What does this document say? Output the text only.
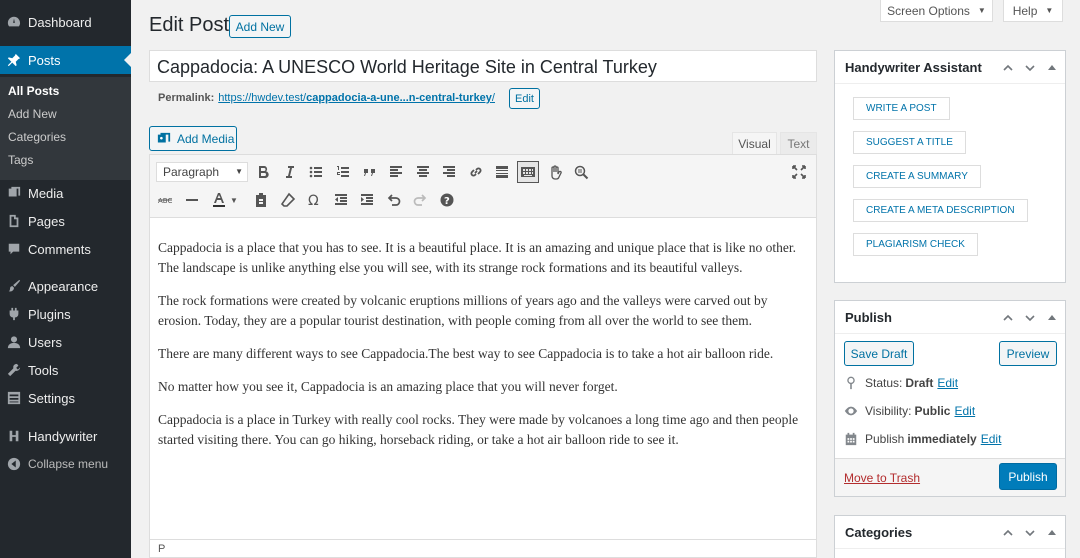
Dashboard
Posts
All Posts
Add New
Categories
Tags
Media
Pages
Comments
Appearance
Plugins
Users
Tools
Settings
Handywriter
Collapse menu
Screen Options ▼ Help ▼
Edit Post Add New
Cappadocia: A UNESCO World Heritage Site in Central Turkey
Permalink: https://hwdev.test/cappadocia-a-une...n-central-turkey/	Edit
Add Media	Visual	Text
Paragraph ▼
ABC	▼	Ω	?

Cappadocia is a place that you has to see. It is a beautiful place. It is an amazing and unique place that is like no other. The landscape is unlike anything else you will see, with its strange rock formations and its beautiful valleys.

The rock formations were created by volcanic eruptions millions of years ago and the valleys were carved out by erosion. Today, they are a popular tourist destination, with people coming from all over the world to see them.

There are many different ways to see Cappadocia.The best way to see Cappadocia is to take a hot air balloon ride.

No matter how you see it, Cappadocia is an amazing place that you will never forget.

Cappadocia is a place in Turkey with really cool rocks. They were made by volcanoes a long time ago and then people started visiting there. You can go hiking, horseback riding, or take a hot air balloon ride to see it.

P
Handywriter Assistant
WRITE A POST
SUGGEST A TITLE
CREATE A SUMMARY
CREATE A META DESCRIPTION
PLAGIARISM CHECK
Publish
Save Draft	Preview
Status: Draft Edit
Visibility: Public Edit
Publish immediately Edit
Move to Trash	Publish
Categories
